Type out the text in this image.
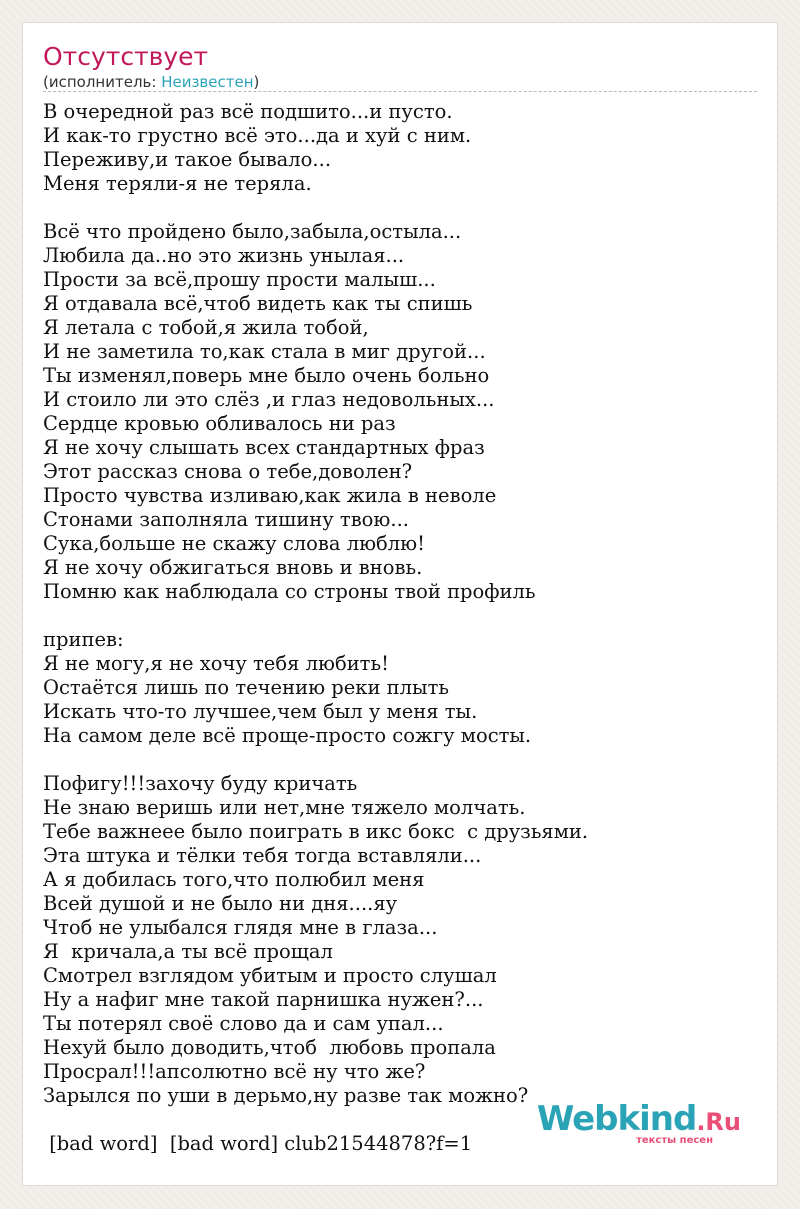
Отсутствует
(исполнитель: Неизвестен)
В очередной раз всё подшито...и пусто.
И как-то грустно всё это...да и хуй с ним.
Переживу,и такое бывало...
Меня теряли-я не теряла.

Всё что пройдено было,забыла,остыла...
Любила да..но это жизнь унылая...
Прости за всё,прошу прости малыш...
Я отдавала всё,чтоб видеть как ты спишь
Я летала с тобой,я жила тобой,
И не заметила то,как стала в миг другой...
Ты изменял,поверь мне было очень больно
И стоило ли это слёз ,и глаз недовольных...
Сердце кровью обливалось ни раз
Я не хочу слышать всех стандартных фраз
Этот рассказ снова о тебе,доволен?
Просто чувства изливаю,как жила в неволе
Стонами заполняла тишину твою...
Сука,больше не скажу слова люблю!
Я не хочу обжигаться вновь и вновь.
Помню как наблюдала со строны твой профиль

припев:
Я не могу,я не хочу тебя любить!
Остаётся лишь по течению реки плыть
Искать что-то лучшее,чем был у меня ты.
На самом деле всё проще-просто сожгу мосты.

Пофигу!!!захочу буду кричать
Не знаю веришь или нет,мне тяжело молчать.
Тебе важнеее было поиграть в икс бокс  с друзьями.
Эта штука и тёлки тебя тогда вставляли...
А я добилась того,что полюбил меня
Всей душой и не было ни дня....яу
Чтоб не улыбался глядя мне в глаза...
Я  кричала,а ты всё прощал
Смотрел взглядом убитым и просто слушал
Ну а нафиг мне такой парнишка нужен?...
Ты потерял своё слово да и сам упал...
Нехуй было доводить,чтоб  любовь пропала
Просрал!!!апсолютно всё ну что же?
Зарылся по уши в дерьмо,ну разве так можно?

[bad word]  [bad word] club21544878?f=1
Webkind.Ru
тексты песен
